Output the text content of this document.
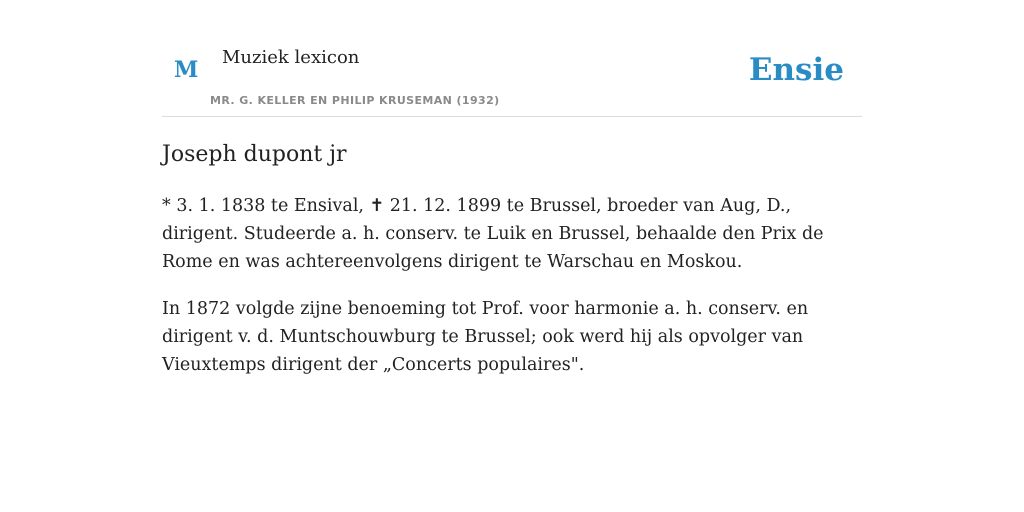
M Muziek lexicon
MR. G. KELLER EN PHILIP KRUSEMAN (1932)
Ensie
Joseph dupont jr

* 3. 1. 1838 te Ensival, ✝ 21. 12. 1899 te Brussel, broeder van Aug, D., dirigent. Studeerde a. h. conserv. te Luik en Brussel, behaalde den Prix de Rome en was achtereenvolgens dirigent te Warschau en Moskou.

In 1872 volgde zijne benoeming tot Prof. voor harmonie a. h. conserv. en dirigent v. d. Muntschouwburg te Brussel; ook werd hij als opvolger van Vieuxtemps dirigent der „Concerts populaires".
